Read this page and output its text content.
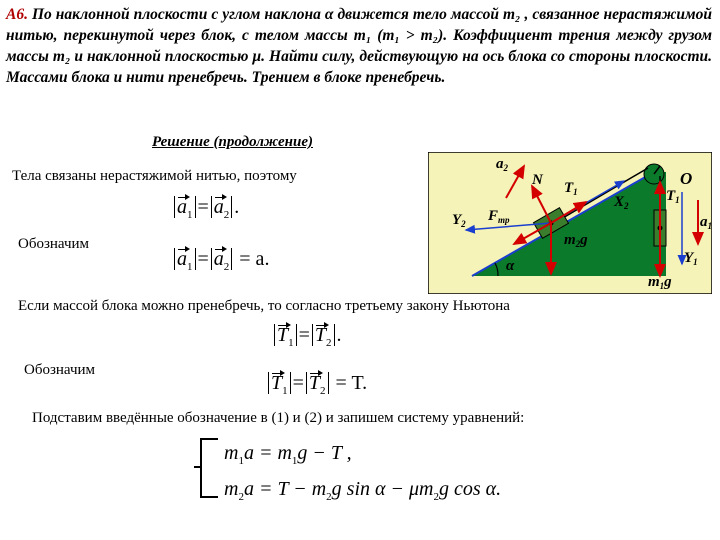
А6. По наклонной плоскости с углом наклона α движется тело массой m₂ , связанное нерастяжимой нитью, перекинутой через блок, с телом массы m₁ (m₁ > m₂). Коэффициент трения между грузом массы m₂ и наклонной плоскостью μ. Найти силу, действующую на ось блока со стороны плоскости. Массами блока и нити пренебречь. Трением в блоке пренебречь.
Решение (продолжение)
Тела связаны нерастяжимой нитью, поэтому
$a_1 = a_2$ .
Обозначим
$a_1 = a_2 = a$.
Если массой блока можно пренебречь, то согласно третьему закону Ньютона
$T_1 = T_2$ .
Обозначим
$T_1 = T_2 = T$.
Подставим введённые обозначение в (1) и (2) и запишем систему уравнений:
$m_1a = m_1g - T$ ,
$m_2a = T - m_2g$ $\sin \alpha - \mu m_2g$ cos α.
$a_2$
N $T_1$
O
$T_1$
$X_2$
$Y_2$ $F_{тр}$
$m_2g$
α
$a_1$
$Y_1$
$m_1g$
